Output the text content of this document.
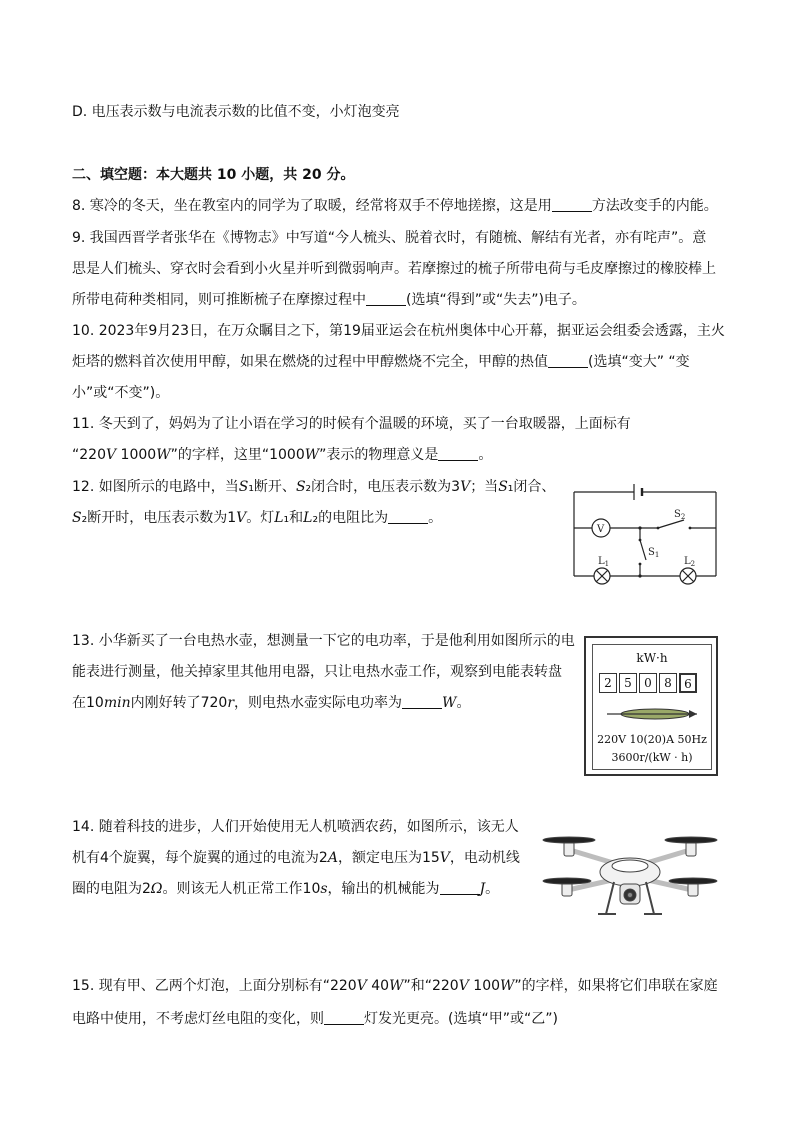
D. 电压表示数与电流表示数的比值不变，小灯泡变亮
二、填空题：本大题共 10 小题，共 20 分。
8. 寒冷的冬天，坐在教室内的同学为了取暖，经常将双手不停地搓擦，这是用	方法改变手的内能。
9. 我国西晋学者张华在《博物志》中写道“今人梳头、脱着衣时，有随梳、解结有光者，亦有咤声”。意
思是人们梳头、穿衣时会看到小火星并听到微弱响声。若摩擦过的梳子所带电荷与毛皮摩擦过的橡胶棒上
所带电荷种类相同，则可推断梳子在摩擦过程中	(选填“得到”或“失去”)电子。
10. 2023年9月23日，在万众瞩目之下，第19届亚运会在杭州奥体中心开幕，据亚运会组委会透露，主火
炬塔的燃料首次使用甲醇，如果在燃烧的过程中甲醇燃烧不完全，甲醇的热值	(选填“变大” “变
小”或“不变”)。
11. 冬天到了，妈妈为了让小语在学习的时候有个温暖的环境，买了一台取暖器，上面标有
“220V 1000W”的字样，这里“1000W”表示的物理意义是	。
12. 如图所示的电路中，当S₁断开、S₂闭合时，电压表示数为3V；当S₁闭合、
S₂断开时，电压表示数为1V。灯L₁和L₂的电阻比为	。
V
$S_2$
$S_1$
$L_1$	$L_2$
13. 小华新买了一台电热水壶，想测量一下它的电功率，于是他利用如图所示的电
能表进行测量，他关掉家里其他用电器，只让电热水壶工作，观察到电能表转盘
在10min内刚好转了720r，则电热水壶实际电功率为	W。
kW·h
2	5	0	8	6
220V 10(20)A 50Hz
3600r/(kW · h)
14. 随着科技的进步，人们开始使用无人机喷洒农药，如图所示，该无人
机有4个旋翼，每个旋翼的通过的电流为2A，额定电压为15V，电动机线
圈的电阻为2Ω。则该无人机正常工作10s，输出的机械能为	J。
15. 现有甲、乙两个灯泡，上面分别标有“220V 40W”和“220V 100W”的字样，如果将它们串联在家庭
电路中使用，不考虑灯丝电阻的变化，则	灯发光更亮。(选填“甲”或“乙”)
